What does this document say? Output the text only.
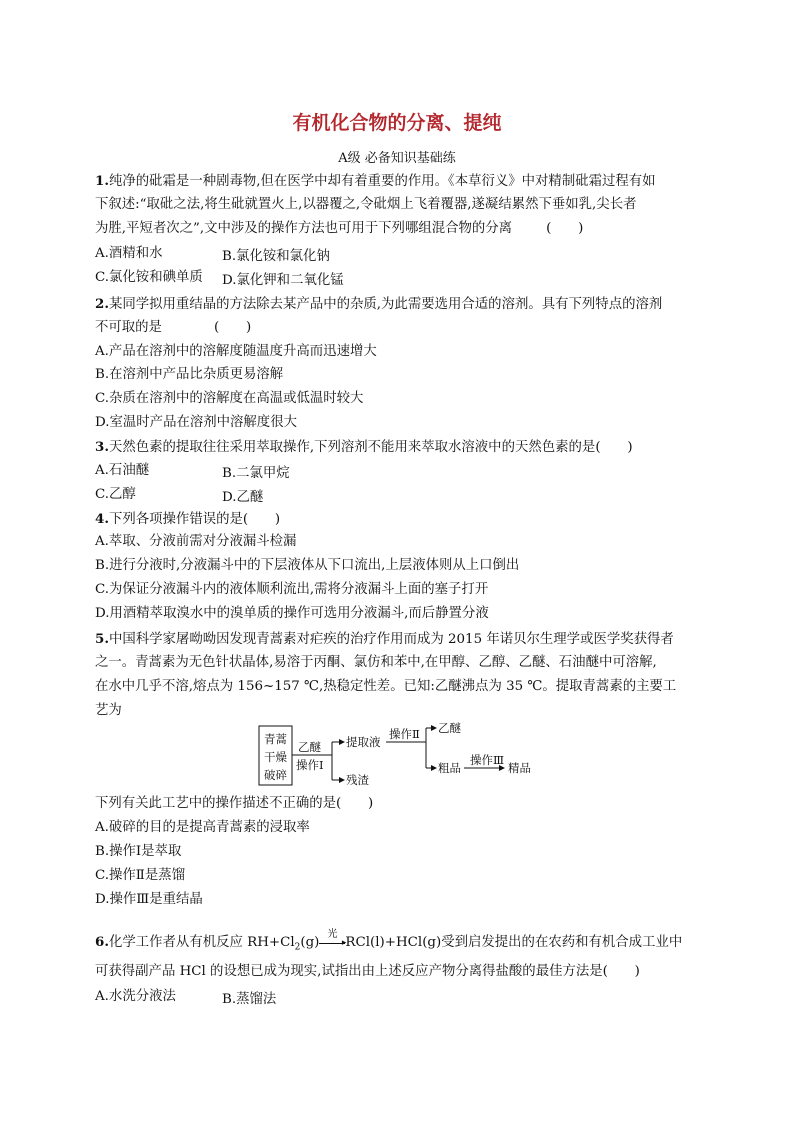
有机化合物的分离、提纯
A级 必备知识基础练
1.纯净的砒霜是一种剧毒物,但在医学中却有着重要的作用。《本草衍义》中对精制砒霜过程有如
下叙述:“取砒之法,将生砒就置火上,以器覆之,令砒烟上飞着覆器,遂凝结累然下垂如乳,尖长者
为胜,平短者次之”,文中涉及的操作方法也可用于下列哪组混合物的分离	(　　)
A.酒精和水	B.氯化铵和氯化钠
C.氯化铵和碘单质 D.氯化钾和二氧化锰
2.某同学拟用重结晶的方法除去某产品中的杂质,为此需要选用合适的溶剂。具有下列特点的溶剂
不可取的是	(　　)
A.产品在溶剂中的溶解度随温度升高而迅速增大
B.在溶剂中产品比杂质更易溶解
C.杂质在溶剂中的溶解度在高温或低温时较大
D.室温时产品在溶剂中溶解度很大
3.天然色素的提取往往采用萃取操作,下列溶剂不能用来萃取水溶液中的天然色素的是(　　)
A.石油醚	B.二氯甲烷
C.乙醇	D.乙醚
4.下列各项操作错误的是(　　)
A.萃取、分液前需对分液漏斗检漏
B.进行分液时,分液漏斗中的下层液体从下口流出,上层液体则从上口倒出
C.为保证分液漏斗内的液体顺利流出,需将分液漏斗上面的塞子打开
D.用酒精萃取溴水中的溴单质的操作可选用分液漏斗,而后静置分液
5.中国科学家屠呦呦因发现青蒿素对疟疾的治疗作用而成为 2015 年诺贝尔生理学或医学奖获得者
之一。青蒿素为无色针状晶体,易溶于丙酮、氯仿和苯中,在甲醇、乙醇、乙醚、石油醚中可溶解,
在水中几乎不溶,熔点为 156~157 ℃,热稳定性差。已知:乙醚沸点为 35 ℃。提取青蒿素的主要工
艺为
青蒿
干燥
破碎
乙醚
操作Ⅰ
提取液
残渣
操作Ⅱ 乙醚
粗品
操作Ⅲ
精品
下列有关此工艺中的操作描述不正确的是(　　)
A.破碎的目的是提高青蒿素的浸取率
B.操作Ⅰ是萃取
C.操作Ⅱ是蒸馏
D.操作Ⅲ是重结晶
6.化学工作者从有机反应 $RH+Cl_2(g)$ ▸
光
RCl(l)+HCl(g)受到启发提出的在农药和有机合成工业中
可获得副产品 HCl 的设想已成为现实,试指出由上述反应产物分离得盐酸的最佳方法是(　　)
A.水洗分液法	B.蒸馏法
